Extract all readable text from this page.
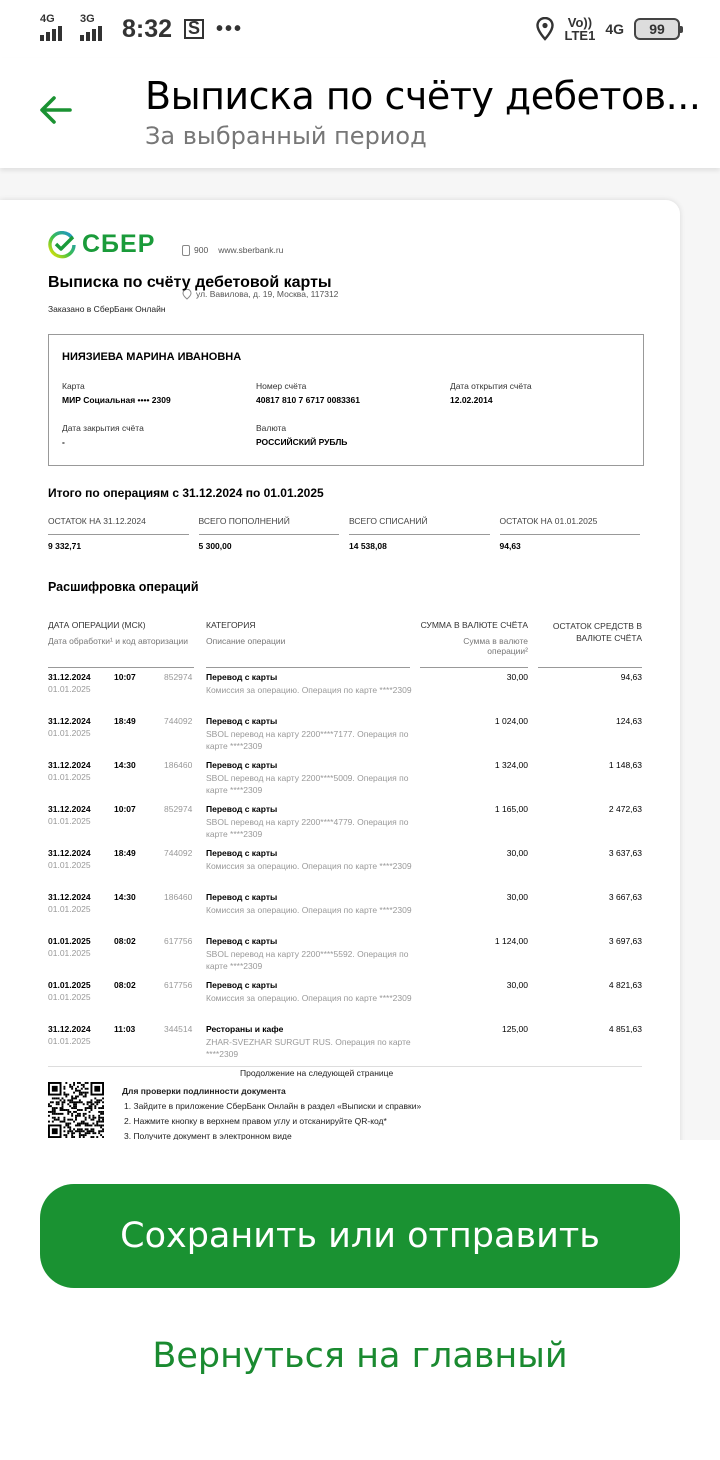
4G 3G 8:32 S •••	Vo))
LTE1 4G 99
Выписка по счёту дебетов...
За выбранный период
СБЕР	900 www.sberbank.ru
ул. Вавилова, д. 19, Москва, 117312
Выписка по счёту дебетовой карты
Заказано в СберБанк Онлайн
НИЯЗИЕВА МАРИНА ИВАНОВНА
Карта
МИР Социальная •••• 2309
Номер счёта
40817 810 7 6717 0083361
Дата открытия счёта
12.02.2014
Дата закрытия счёта
-
Валюта
РОССИЙСКИЙ РУБЛЬ
Итого по операциям с 31.12.2024 по 01.01.2025
ОСТАТОК НА 31.12.2024
9 332,71
ВСЕГО ПОПОЛНЕНИЙ
5 300,00
ВСЕГО СПИСАНИЙ
14 538,08
ОСТАТОК НА 01.01.2025
94,63
Расшифровка операций
ДАТА ОПЕРАЦИИ (МСК)
Дата обработки¹ и код авторизации
КАТЕГОРИЯ
Описание операции
СУММА В ВАЛЮТЕ СЧЁТА
Сумма в валюте операции²
ОСТАТОК СРЕДСТВ В ВАЛЮТЕ СЧЁТА
31.12.2024
01.01.2025
10:07	852974 Перевод с карты
Комиссия за операцию. Операция по карте ****2309
30,00	94,63
31.12.2024
01.01.2025
18:49	744092 Перевод с карты
SBOL перевод на карту 2200****7177. Операция по карте ****2309
1 024,00	124,63
31.12.2024
01.01.2025
14:30	186460 Перевод с карты
SBOL перевод на карту 2200****5009. Операция по карте ****2309
1 324,00	1 148,63
31.12.2024
01.01.2025
10:07	852974 Перевод с карты
SBOL перевод на карту 2200****4779. Операция по карте ****2309
1 165,00	2 472,63
31.12.2024
01.01.2025
18:49	744092 Перевод с карты
Комиссия за операцию. Операция по карте ****2309
30,00	3 637,63
31.12.2024
01.01.2025
14:30	186460 Перевод с карты
Комиссия за операцию. Операция по карте ****2309
30,00	3 667,63
01.01.2025
01.01.2025
08:02	617756 Перевод с карты
SBOL перевод на карту 2200****5592. Операция по карте ****2309
1 124,00	3 697,63
01.01.2025
01.01.2025
08:02	617756 Перевод с карты
Комиссия за операцию. Операция по карте ****2309
30,00	4 821,63
31.12.2024
01.01.2025
11:03	344514 Рестораны и кафе
ZHAR-SVEZHAR SURGUT RUS. Операция по карте ****2309
125,00	4 851,63
Продолжение на следующей странице
Для проверки подлинности документа
1. Зайдите в приложение СберБанк Онлайн в раздел «Выписки и справки»
2. Нажмите кнопку в верхнем правом углу и отсканируйте QR-код*
3. Получите документ в электронном виде
Сохранить или отправить
Вернуться на главный
